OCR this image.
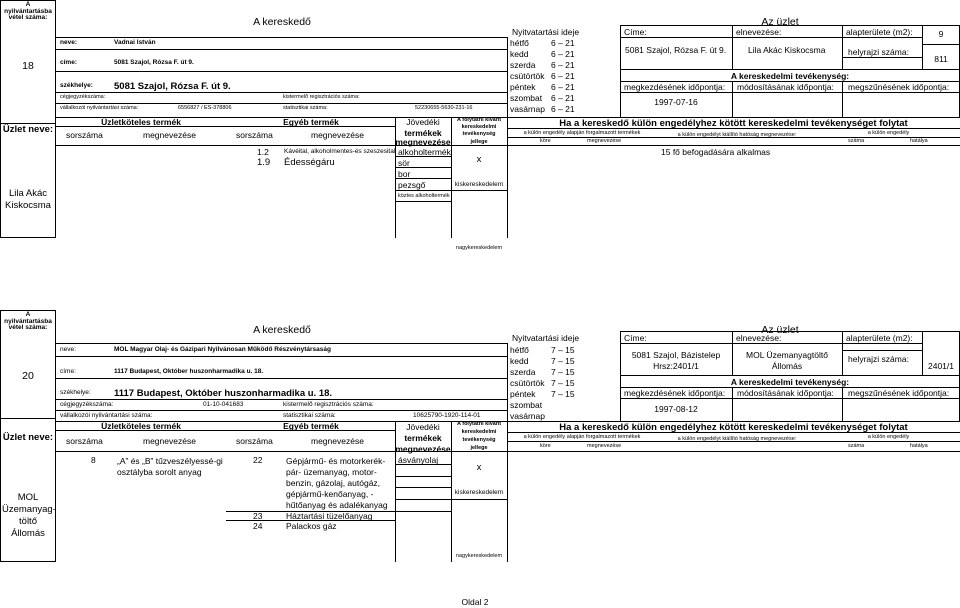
A nyilvántartásba vétel száma:
18
Üzlet neve:
Lila Akác Kiskocsma
A kereskedő
neve:	Vadnai István
címe:	5081 Szajol, Rózsa F. út 9.
székhelye: 5081 Szajol, Rózsa F. út 9.
cégjegyzékszáma:	kistermelő regisztrációs száma:
vállalkozói nyilvántartási száma:	6556827 / ES-378806	statisztikai száma:	52230655-5630-231-16
Nyitvatartási ideje
hétfő	6 – 21
kedd	6 – 21
szerda 6 – 21
csütörtök 6 – 21
péntek 6 – 21
szombat 6 – 21
vasárnap 6 – 21
Az üzlet
Címe:	elnevezése:	alapterülete (m2):	9
5081 Szajol, Rózsa F. út 9.	Lila Akác Kiskocsma	helyrajzi száma:
811
A kereskedelmi tevékenység:
megkezdésének időpontja: módosításának időpontja: megszűnésének időpontja:
1997-07-16
Üzletköteles termék	Egyéb termék	Jövedéki
termékek
megnevezése
A folytatni kívánt
kereskedelmi
tevékenység
jellege
sorszáma	megnevezése	sorszáma	megnevezése
1.2 Kávéital, alkoholmentes-és szeszesital
1.9 Édességáru
alkoholtermék
sör
bor
pezsgő
köztes alkoholtermék
x
kiskereskedelem
nagykereskedelem
Ha a kereskedő külön engedélyhez kötött kereskedelmi tevékenységet folytat
a külön engedély alapján forgalmazott termékek	a külön engedélyt kiállító hatóság megnevezése:	a külön engedély
köre	megnevezése	száma	hatálya
15 fő befogadására alkalmas
A nyilvántartásba vétel száma:
20
Üzlet neve:
MOL Üzemanyag-töltő Állomás
A kereskedő
neve:	MOL Magyar Olaj- és Gázipari Nyilvánosan Működő Részvénytársaság
címe:	1117 Budapest, Október huszonharmadika u. 18.
székhelye: 1117 Budapest, Október huszonharmadika u. 18.
cégjegyzékszáma:	01-10-041683	kistermelő regisztrációs száma:
vállalkozói nyilvántartási száma:	statisztikai száma:	10625790-1920-114-01
Nyitvatartási ideje
hétfő	7 – 15
kedd	7 – 15
szerda 7 – 15
csütörtök 7 – 15
péntek 7 – 15
szombat
vasárnap
Az üzlet
Címe:	elnevezése:	alapterülete (m2):
5081 Szajol, Bázistelep
Hrsz:2401/1
MOL Üzemanyagtöltő
Állomás
helyrajzi száma:
2401/1
A kereskedelmi tevékenység:
megkezdésének időpontja: módosításának időpontja: megszűnésének időpontja:
1997-08-12
Üzletköteles termék	Egyéb termék	Jövedéki
termékek
megnevezése
A folytatni kívánt
kereskedelmi
tevékenység
jellege
sorszáma	megnevezése	sorszáma	megnevezése
8	„A” és „B” tűzveszélyessé-gi osztályba sorolt anyag
22	Gépjármű- és motorkerék-pár- üzemanyag, motor-benzin, gázolaj, autógáz, gépjármű-kenőanyag, - hűtőanyag és adalékanyag
23	Háztartási tüzelőanyag
24	Palackos gáz
ásványolaj
x
kiskereskedelem
nagykereskedelem
Ha a kereskedő külön engedélyhez kötött kereskedelmi tevékenységet folytat
a külön engedély alapján forgalmazott termékek	a külön engedélyt kiállító hatóság megnevezése:	a külön engedély
köre	megnevezése	száma	hatálya
Oldal 2
